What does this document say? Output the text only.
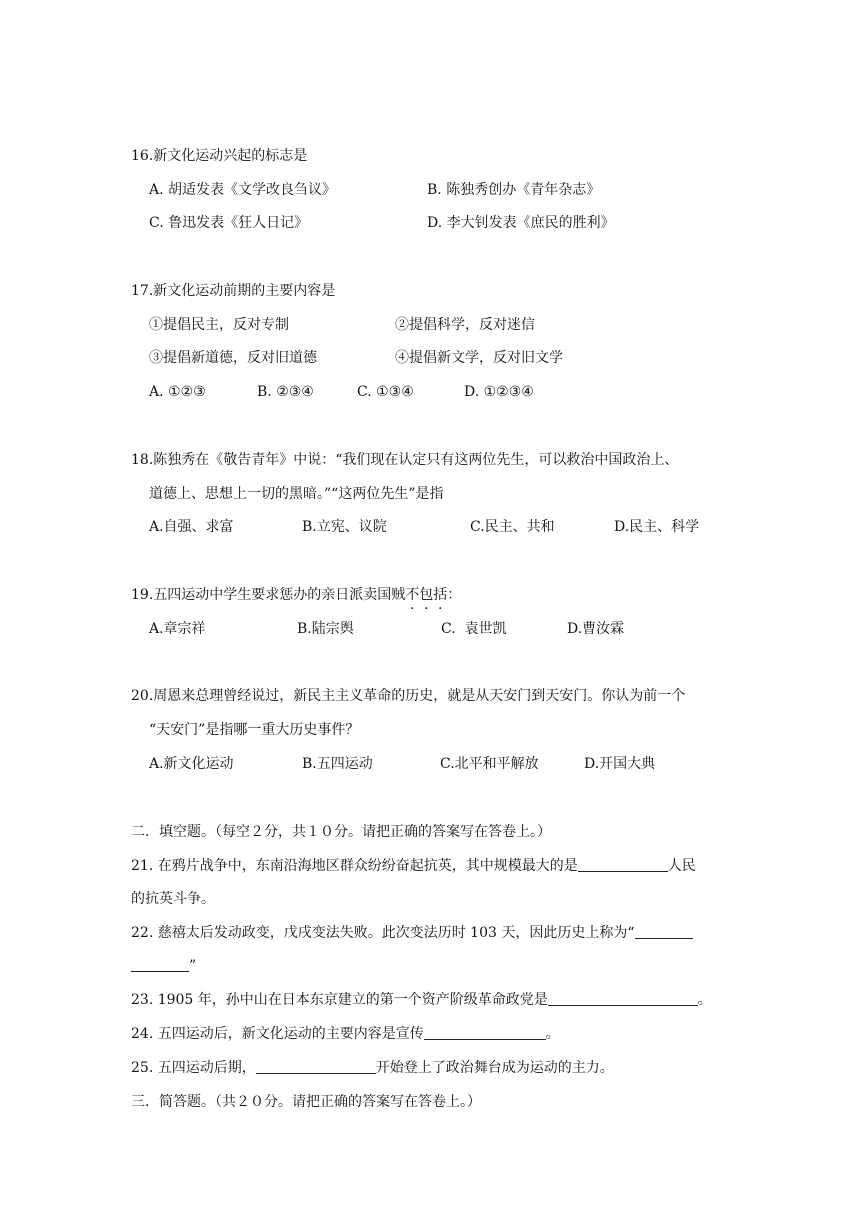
16.新文化运动兴起的标志是
A. 胡适发表《文学改良刍议》	B. 陈独秀创办《青年杂志》
C. 鲁迅发表《狂人日记》	D. 李大钊发表《庶民的胜利》
17.新文化运动前期的主要内容是
①提倡民主，反对专制	②提倡科学，反对迷信
③提倡新道德，反对旧道德	④提倡新文学，反对旧文学
A. ①②③	B. ②③④	C. ①③④	D. ①②③④
18.陈独秀在《敬告青年》中说：“我们现在认定只有这两位先生，可以救治中国政治上、
道德上、思想上一切的黑暗。”“这两位先生”是指
A.自强、求富	B.立宪、议院	C.民主、共和	D.民主、科学
19.五四运动中学生要求惩办的亲日派卖国贼不包括：
A.章宗祥	B.陆宗舆	C.  袁世凯	D.曹汝霖
20.周恩来总理曾经说过，新民主主义革命的历史，就是从天安门到天安门。你认为前一个
“天安门”是指哪一重大历史事件？
A.新文化运动	B.五四运动	C.北平和平解放	D.开国大典
二．填空题。（每空２分，共１０分。请把正确的答案写在答卷上。）
21. 在鸦片战争中，东南沿海地区群众纷纷奋起抗英，其中规模最大的是	人民
的抗英斗争。
22. 慈禧太后发动政变，戊戌变法失败。此次变法历时 103 天，因此历史上称为“
”
23. 1905 年，孙中山在日本东京建立的第一个资产阶级革命政党是	。
24. 五四运动后，新文化运动的主要内容是宣传	。
25. 五四运动后期，	开始登上了政治舞台成为运动的主力。
三．简答题。（共２０分。请把正确的答案写在答卷上。）
